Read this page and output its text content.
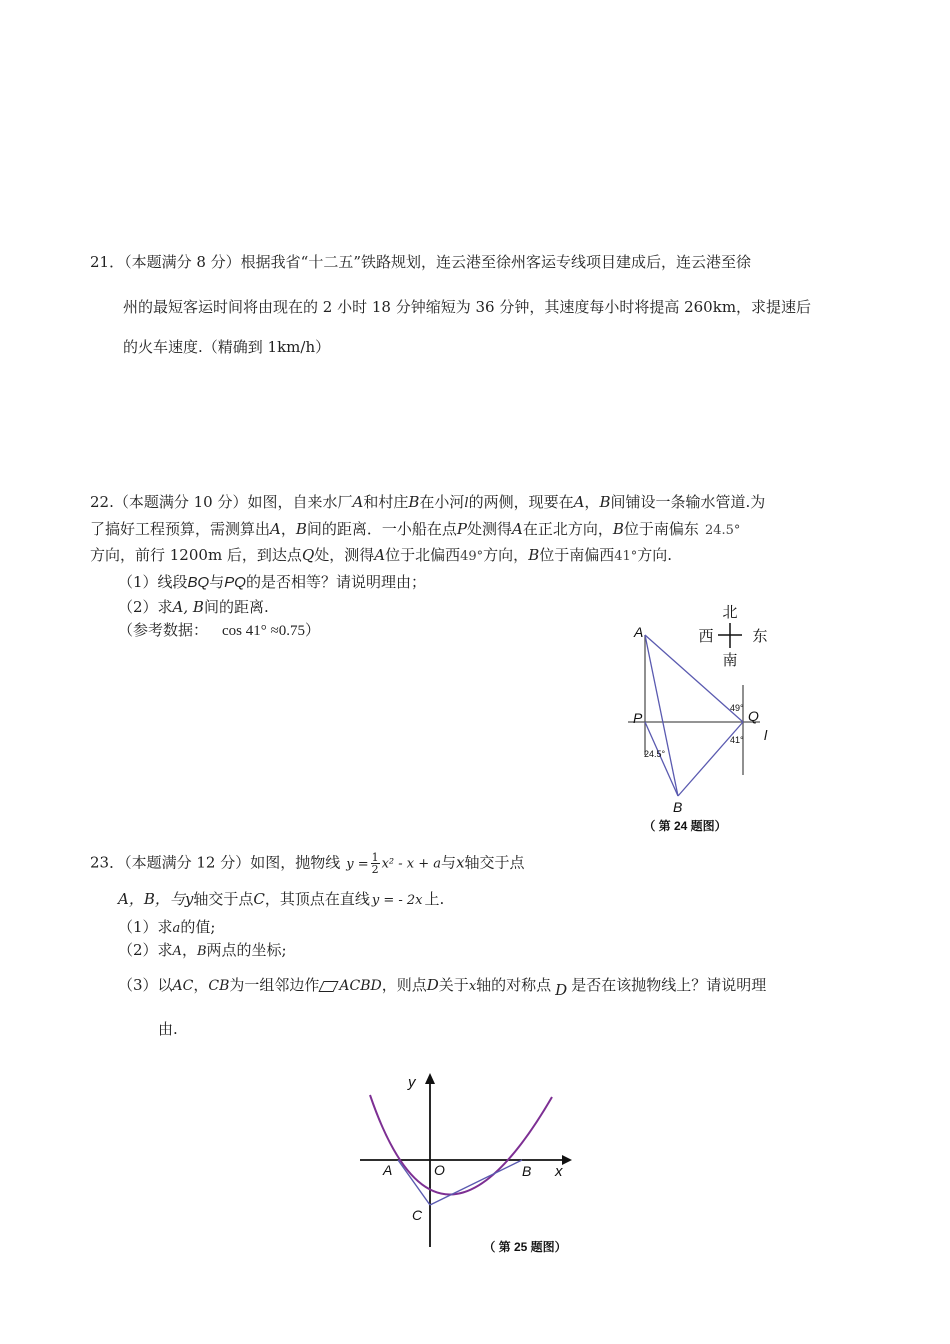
21．（本题满分 8 分）根据我省“十二五”铁路规划，连云港至徐州客运专线项目建成后，连云港至徐
州的最短客运时间将由现在的 2 小时 18 分钟缩短为 36 分钟，其速度每小时将提高 260km，求提速后
的火车速度.（精确到 1km/h）
22.（本题满分 10 分）如图，自来水厂A和村庄B在小河l的两侧，现要在A，B间铺设一条输水管道.为
了搞好工程预算，需测算出A，B间的距离．一小船在点P处测得A在正北方向，B位于南偏东 24.5°
方向，前行 1200m 后，到达点Q处，测得A位于北偏西49°方向，B位于南偏西41°方向.
（1）线段BQ与PQ的是否相等？请说明理由；
（2）求A, B间的距离.
（参考数据： cos 41° ≈0.75）
北
西	东
南
A
P	Q
l
B
49°
41°
24.5°
（ 第 24 题图）
23．（本题满分 12 分）如图，抛物线 $y = \frac{1}{2} x^2 - x + a$与x轴交于点
A，B，与y轴交于点C，其顶点在直线 y = - 2x 上.
（1）求a的值;
（2）求A，B两点的坐标;
（3）以AC，CB为一组邻边作 ACBD，则点D关于x轴的对称点 D 是否在该抛物线上？请说明理
由.
y
x
O
A	B
C
（ 第 25 题图）
